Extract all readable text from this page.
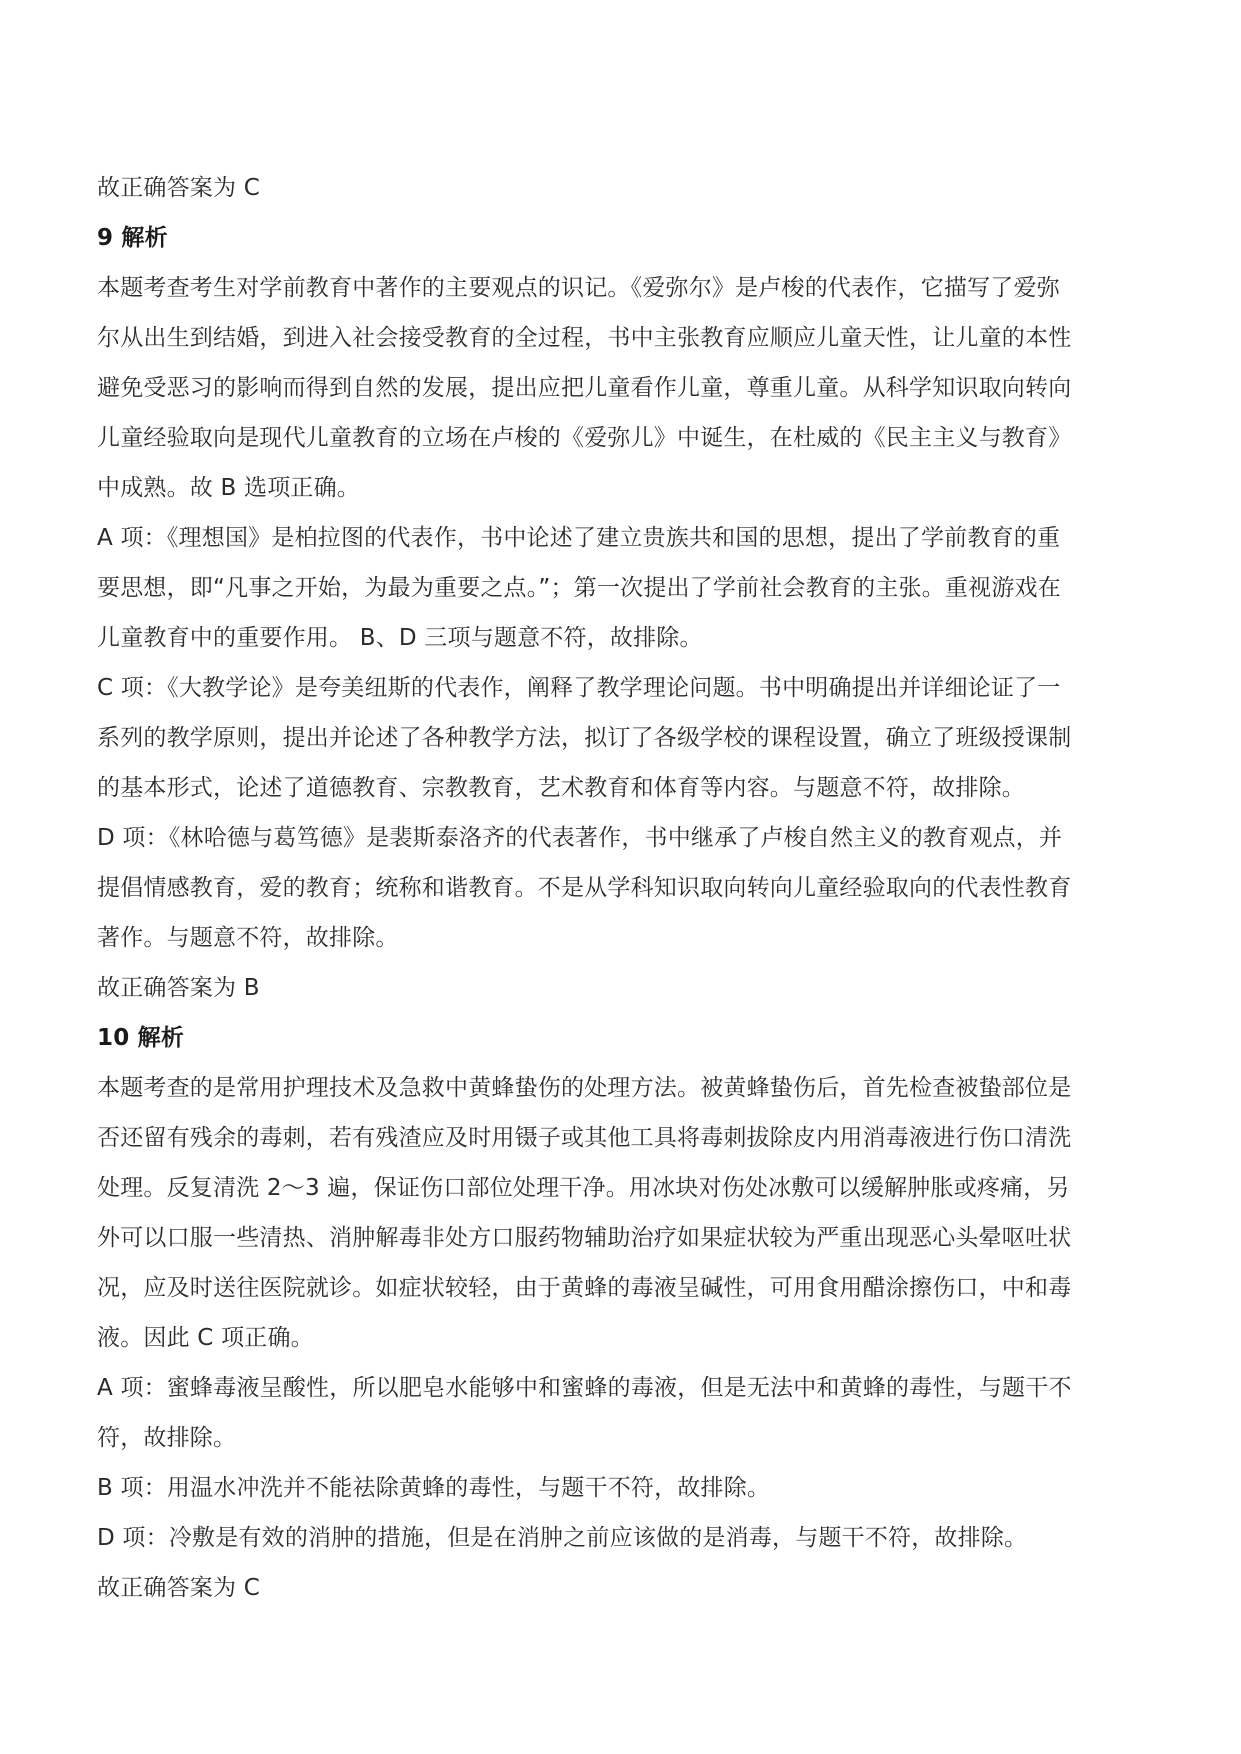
故正确答案为 C
9 解析
本题考查考生对学前教育中著作的主要观点的识记。《爱弥尔》是卢梭的代表作，它描写了爱弥
尔从出生到结婚，到进入社会接受教育的全过程，书中主张教育应顺应儿童天性，让儿童的本性
避免受恶习的影响而得到自然的发展，提出应把儿童看作儿童，尊重儿童。从科学知识取向转向
儿童经验取向是现代儿童教育的立场在卢梭的《爱弥儿》中诞生，在杜威的《民主主义与教育》
中成熟。故 B 选项正确。
A 项：《理想国》是柏拉图的代表作，书中论述了建立贵族共和国的思想，提出了学前教育的重
要思想，即“凡事之开始，为最为重要之点。”；第一次提出了学前社会教育的主张。重视游戏在
儿童教育中的重要作用。 B、D 三项与题意不符，故排除。
C 项：《大教学论》是夸美纽斯的代表作，阐释了教学理论问题。书中明确提出并详细论证了一
系列的教学原则，提出并论述了各种教学方法，拟订了各级学校的课程设置，确立了班级授课制
的基本形式，论述了道德教育、宗教教育，艺术教育和体育等内容。与题意不符，故排除。
D 项：《林哈德与葛笃德》是裴斯泰洛齐的代表著作，书中继承了卢梭自然主义的教育观点，并
提倡情感教育，爱的教育；统称和谐教育。不是从学科知识取向转向儿童经验取向的代表性教育
著作。与题意不符，故排除。
故正确答案为 B
10 解析
本题考查的是常用护理技术及急救中黄蜂蛰伤的处理方法。被黄蜂蛰伤后，首先检查被蛰部位是
否还留有残余的毒刺，若有残渣应及时用镊子或其他工具将毒刺拔除皮内用消毒液进行伤口清洗
处理。反复清洗 2～3 遍，保证伤口部位处理干净。用冰块对伤处冰敷可以缓解肿胀或疼痛，另
外可以口服一些清热、消肿解毒非处方口服药物辅助治疗如果症状较为严重出现恶心头晕呕吐状
况，应及时送往医院就诊。如症状较轻，由于黄蜂的毒液呈碱性，可用食用醋涂擦伤口，中和毒
液。因此 C 项正确。
A 项：蜜蜂毒液呈酸性，所以肥皂水能够中和蜜蜂的毒液，但是无法中和黄蜂的毒性，与题干不
符，故排除。
B 项：用温水冲洗并不能祛除黄蜂的毒性，与题干不符，故排除。
D 项：冷敷是有效的消肿的措施，但是在消肿之前应该做的是消毒，与题干不符，故排除。
故正确答案为 C
